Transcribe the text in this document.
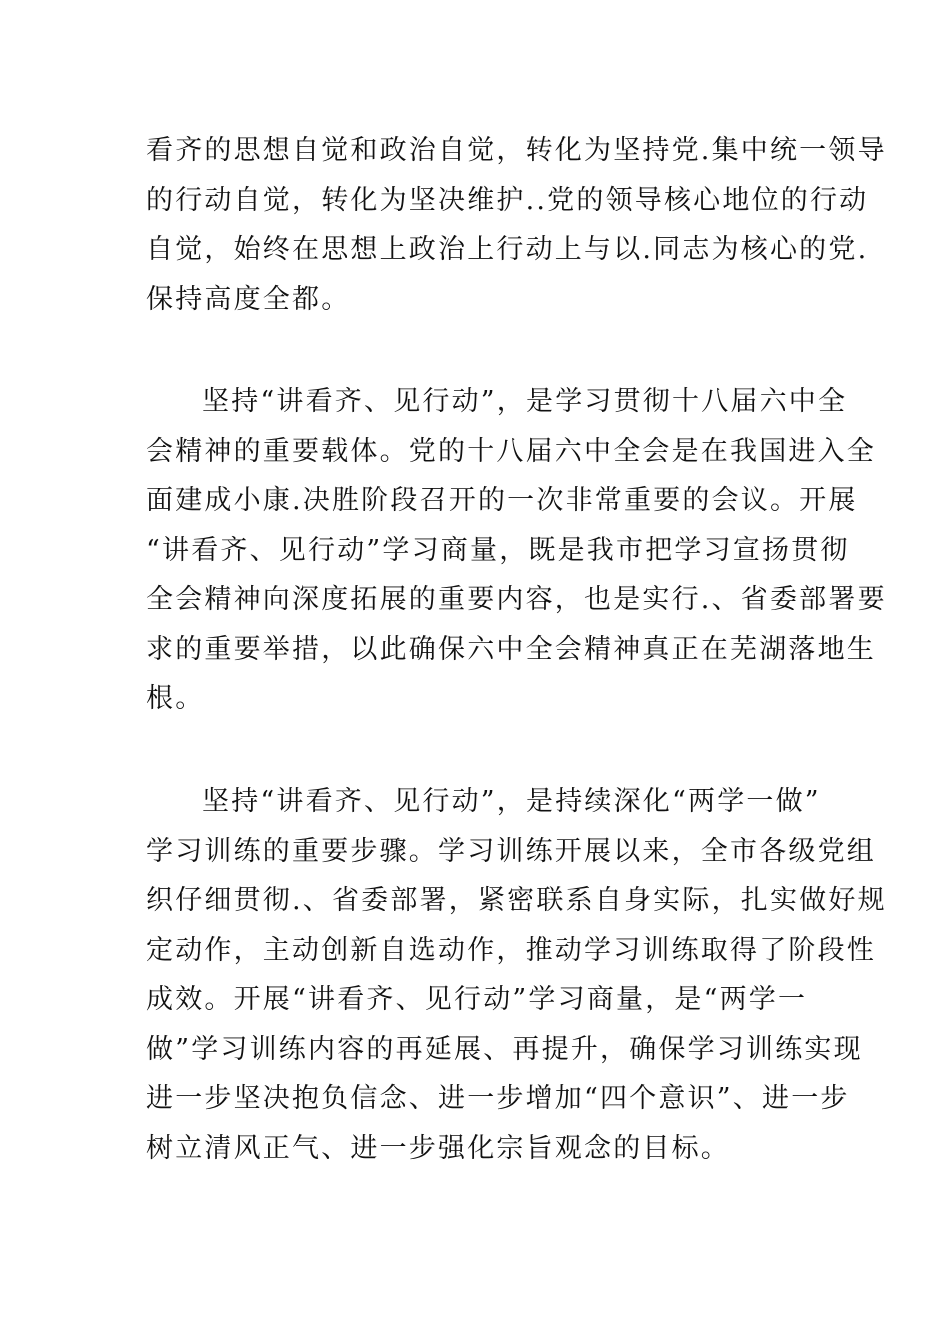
看齐的思想自觉和政治自觉，转化为坚持党.集中统一领导
的行动自觉，转化为坚决维护..党的领导核心地位的行动
自觉，始终在思想上政治上行动上与以.同志为核心的党.
保持高度全都。

坚持“讲看齐、见行动”，是学习贯彻十八届六中全
会精神的重要载体。党的十八届六中全会是在我国进入全
面建成小康.决胜阶段召开的一次非常重要的会议。开展
“讲看齐、见行动”学习商量，既是我市把学习宣扬贯彻
全会精神向深度拓展的重要内容，也是实行.、省委部署要
求的重要举措，以此确保六中全会精神真正在芜湖落地生
根。

坚持“讲看齐、见行动”，是持续深化“两学一做”
学习训练的重要步骤。学习训练开展以来，全市各级党组
织仔细贯彻.、省委部署，紧密联系自身实际，扎实做好规
定动作，主动创新自选动作，推动学习训练取得了阶段性
成效。开展“讲看齐、见行动”学习商量，是“两学一
做”学习训练内容的再延展、再提升，确保学习训练实现
进一步坚决抱负信念、进一步增加“四个意识”、进一步
树立清风正气、进一步强化宗旨观念的目标。
